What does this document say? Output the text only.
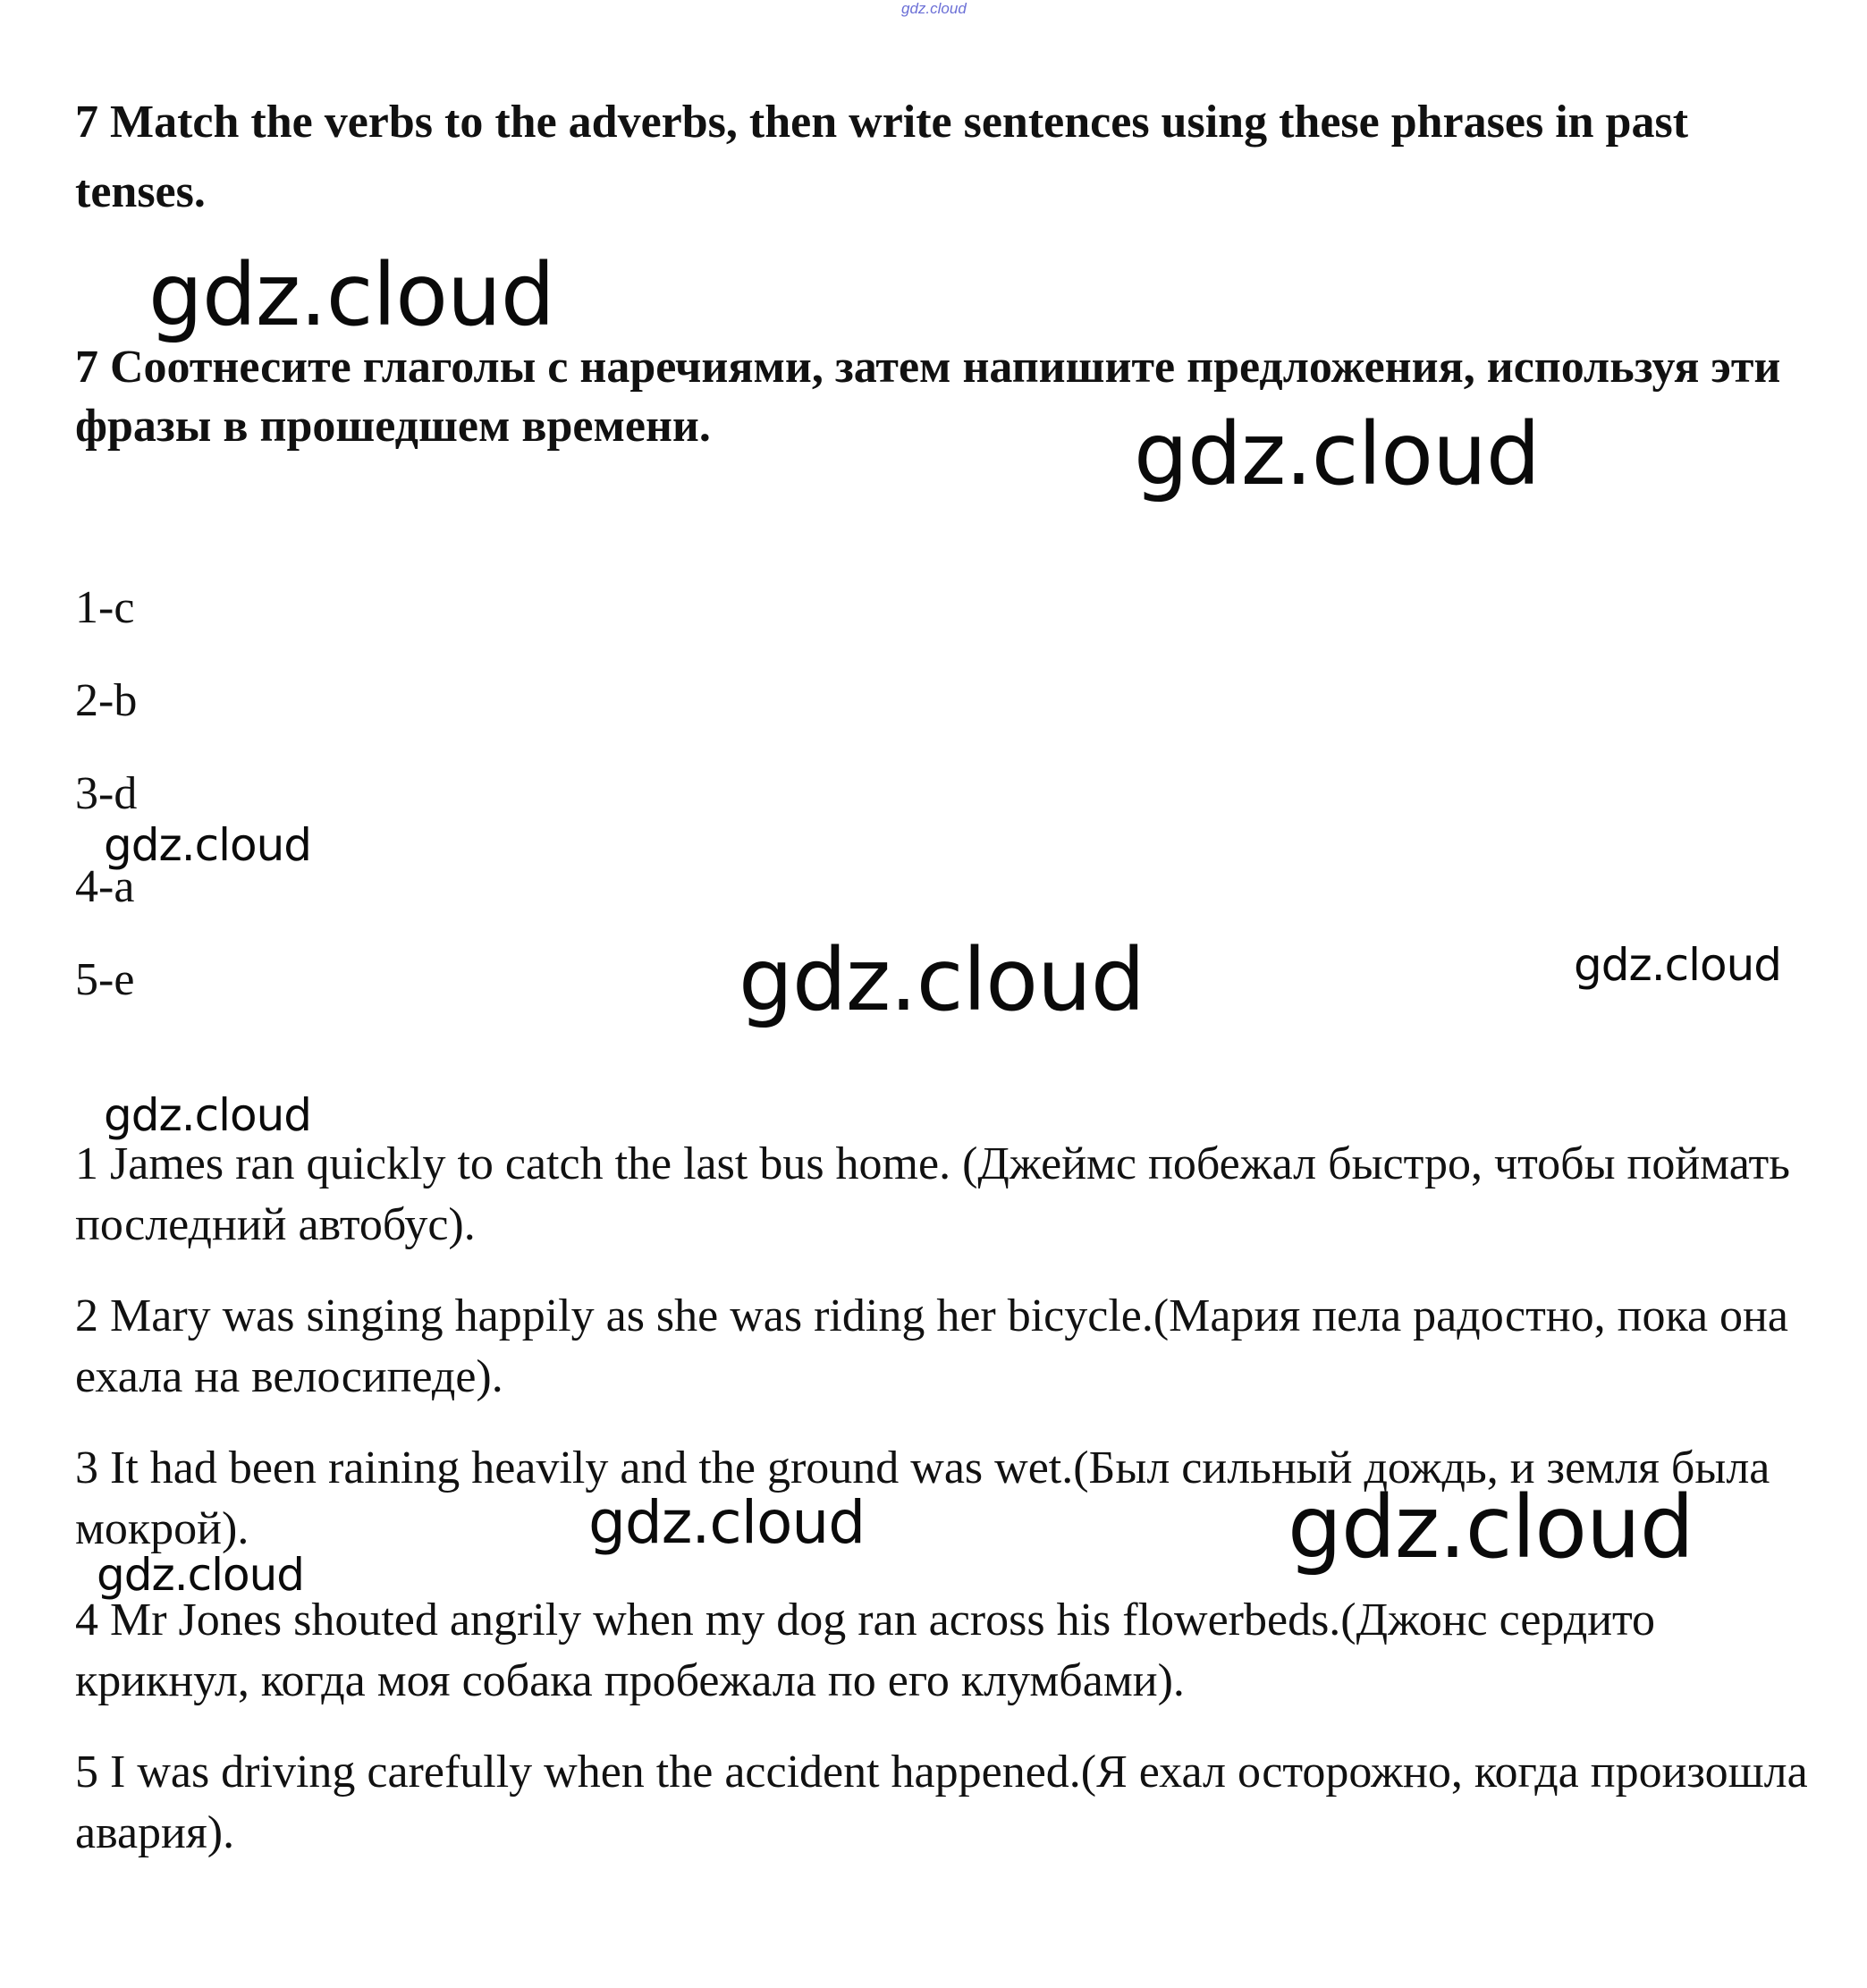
gdz.cloud

7 Match the verbs to the adverbs, then write sentences using these phrases in past tenses.

7 Соотнесите глаголы с наречиями, затем напишите предложения, используя эти фразы в прошедшем времени.

1-c

2-b

3-d

4-a

5-e

1 James ran quickly to catch the last bus home. (Джеймс побежал быстро, чтобы поймать последний автобус).

2 Mary was singing happily as she was riding her bicycle.(Мария пела радостно, пока она ехала на велосипеде).

3 It had been raining heavily and the ground was wet.(Был сильный дождь, и земля была мокрой).

4 Mr Jones shouted angrily when my dog ran across his flowerbeds.(Джонс сердито крикнул, когда моя собака пробежала по его клумбами).

5 I was driving carefully when the accident happened.(Я ехал осторожно, когда произошла авария).

gdz.cloud
gdz.cloud
gdz.cloud
gdz.cloud	gdz.cloud
gdz.cloud
gdz.cloud	gdz.cloud
gdz.cloud
